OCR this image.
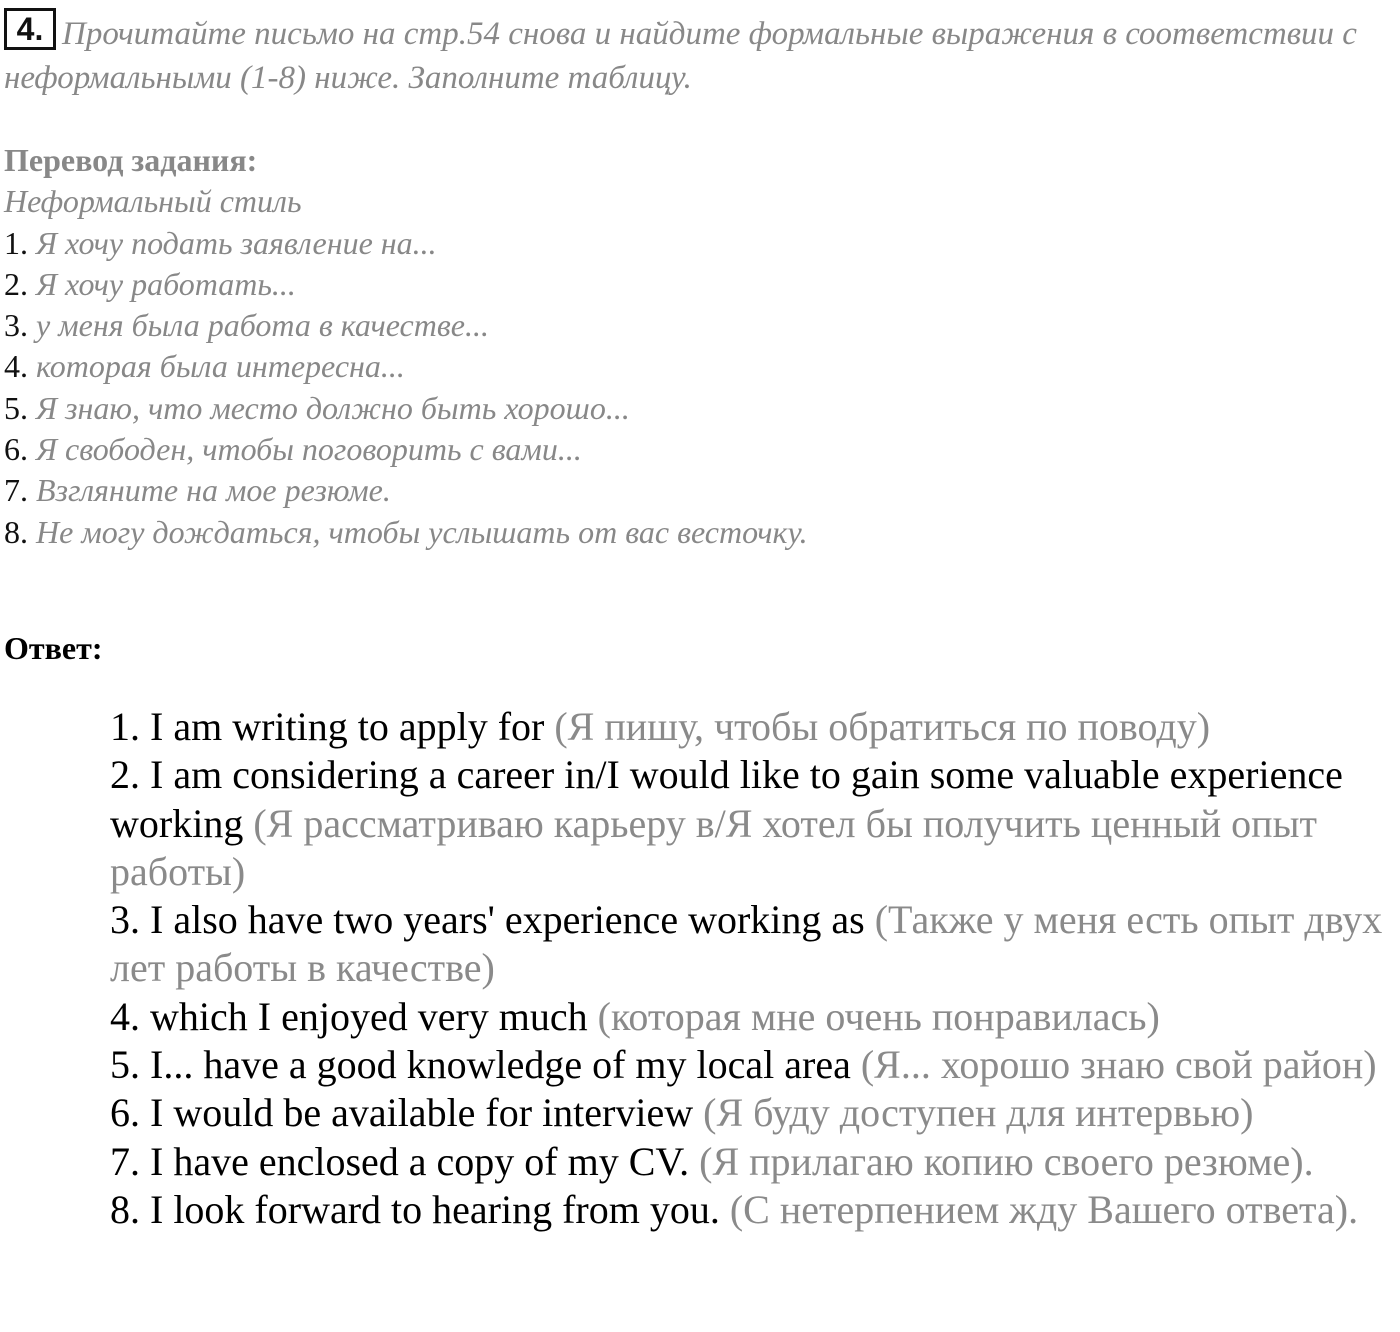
4. Прочитайте письмо на стр.54 снова и найдите формальные выражения в соответствии с неформальными (1-8) ниже. Заполните таблицу.
Перевод задания:
Неформальный стиль
1. Я хочу подать заявление на...
2. Я хочу работать...
3. у меня была работа в качестве...
4. которая была интересна...
5. Я знаю, что место должно быть хорошо...
6. Я свободен, чтобы поговорить с вами...
7. Взгляните на мое резюме.
8. Не могу дождаться, чтобы услышать от вас весточку.
Ответ:
1. I am writing to apply for (Я пишу, чтобы обратиться по поводу)
2. I am considering a career in/I would like to gain some valuable experience working (Я рассматриваю карьеру в/Я хотел бы получить ценный опыт работы)
3. I also have two years' experience working as (Также у меня есть опыт двух лет работы в качестве)
4. which I enjoyed very much (которая мне очень понравилась)
5. I... have a good knowledge of my local area (Я... хорошо знаю свой район)
6. I would be available for interview (Я буду доступен для интервью)
7. I have enclosed a copy of my CV. (Я прилагаю копию своего резюме).
8. I look forward to hearing from you. (С нетерпением жду Вашего ответа).
